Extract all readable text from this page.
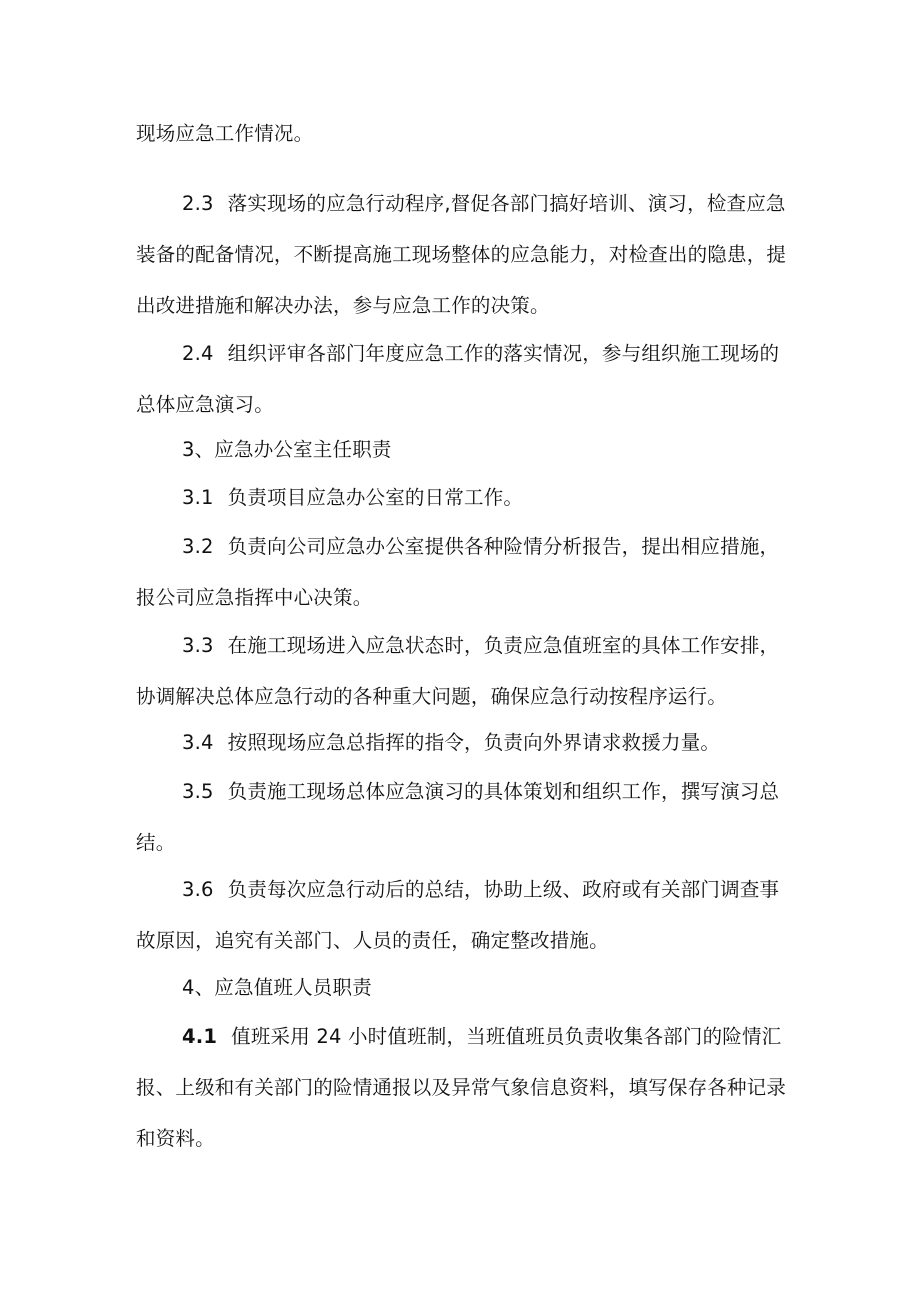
现场应急工作情况。

2.3 落实现场的应急行动程序,督促各部门搞好培训、演习，检查应急
装备的配备情况，不断提高施工现场整体的应急能力，对检查出的隐患，提
出改进措施和解决办法，参与应急工作的决策。

2.4 组织评审各部门年度应急工作的落实情况，参与组织施工现场的
总体应急演习。

3、应急办公室主任职责

3.1 负责项目应急办公室的日常工作。

3.2 负责向公司应急办公室提供各种险情分析报告，提出相应措施，
报公司应急指挥中心决策。

3.3 在施工现场进入应急状态时，负责应急值班室的具体工作安排，
协调解决总体应急行动的各种重大问题，确保应急行动按程序运行。

3.4 按照现场应急总指挥的指令，负责向外界请求救援力量。

3.5 负责施工现场总体应急演习的具体策划和组织工作，撰写演习总
结。

3.6 负责每次应急行动后的总结，协助上级、政府或有关部门调查事
故原因，追究有关部门、人员的责任，确定整改措施。

4、应急值班人员职责

4.1 值班采用 24 小时值班制，当班值班员负责收集各部门的险情汇
报、上级和有关部门的险情通报以及异常气象信息资料，填写保存各种记录
和资料。
